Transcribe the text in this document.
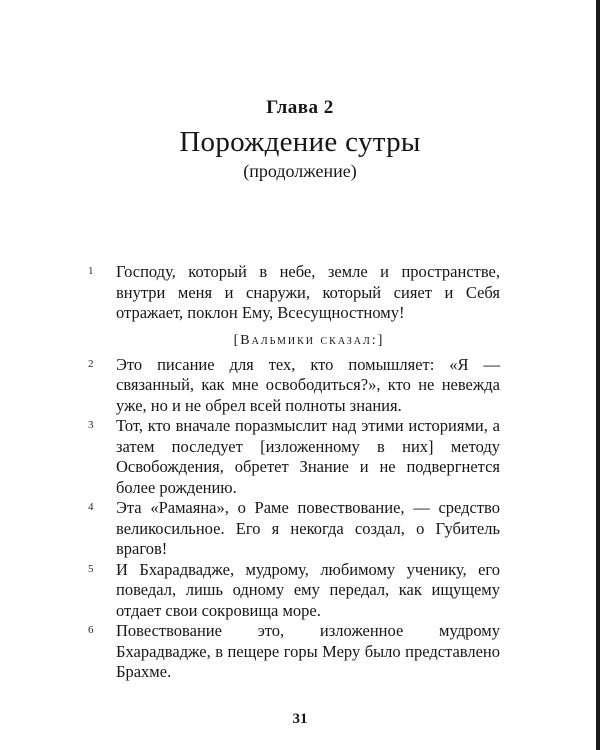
Глава 2
Порождение сутры
(продолжение)
1 Господу, который в небе, земле и пространстве, внутри меня и снаружи, который сияет и Себя отражает, поклон Ему, Всесущностному!
[Вальмики сказал:]
2 Это писание для тех, кто помышляет: «Я — связанный, как мне освободиться?», кто не невежда уже, но и не обрел всей полноты знания.
3 Тот, кто вначале поразмыслит над этими историями, а затем последует [изложенному в них] методу Освобождения, обретет Знание и не подвергнется более рождению.
4 Эта «Рамаяна», о Раме повествование, — средство великосильное. Его я некогда создал, о Губитель врагов!
5 И Бхарадвадже, мудрому, любимому ученику, его поведал, лишь одному ему передал, как ищущему отдает свои сокровища море.
6 Повествование это, изложенное мудрому Бхарадвадже, в пещере горы Меру было представлено Брахме.
31
